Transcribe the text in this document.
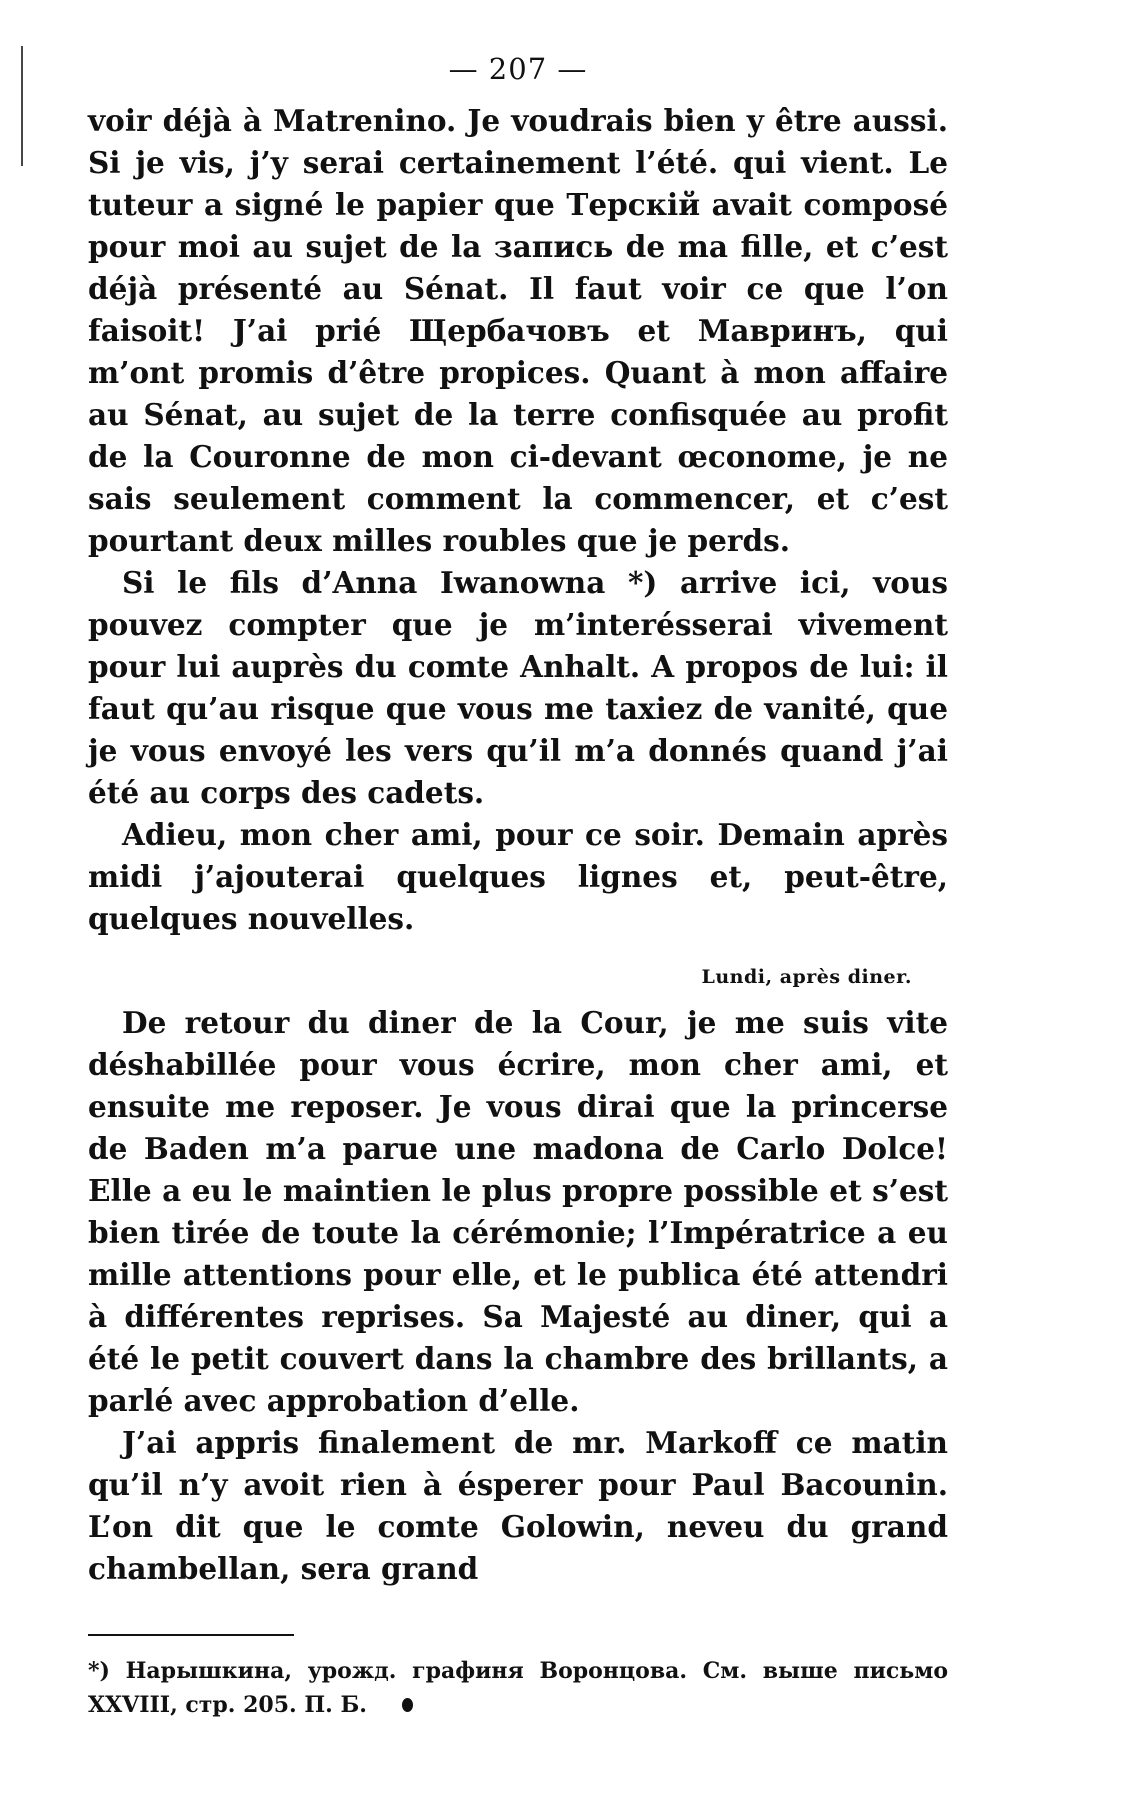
— 207 —

voir déjà à Matrenino. Je voudrais bien y être aussi. Si je vis, j’y serai certainement l’été. qui vient. Le tuteur a signé le papier que Терскій avait composé pour moi au sujet de la запись de ma fille, et c’est déjà présenté au Sénat. Il faut voir ce que l’on faisoit! J’ai prié Щербачовъ et Мавринъ, qui m’ont promis d’être propices. Quant à mon affaire au Sénat, au sujet de la terre confisquée au profit de la Couronne de mon ci-devant œconome, je ne sais seulement comment la commencer, et c’est pourtant deux milles roubles que je perds.

Si le fils d’Anna Iwanowna *) arrive ici, vous pouvez compter que je m’interésserai vivement pour lui auprès du comte Anhalt. A propos de lui: il faut qu’au risque que vous me taxiez de vanité, que je vous envoyé les vers qu’il m’a donnés quand j’ai été au corps des cadets.

Adieu, mon cher ami, pour ce soir. Demain après midi j’ajouterai quelques lignes et, peut-être, quelques nouvelles.

Lundi, après diner.

De retour du diner de la Cour, je me suis vite déshabillée pour vous écrire, mon cher ami, et ensuite me reposer. Je vous dirai que la princerse de Baden m’a parue une madona de Carlo Dolce! Elle a eu le maintien le plus propre possible et s’est bien tirée de toute la cérémonie; l’Impératrice a eu mille attentions pour elle, et le publica été attendri à différentes reprises. Sa Majesté au diner, qui a été le petit couvert dans la chambre des brillants, a parlé avec approbation d’elle.

J’ai appris finalement de mr. Markoff ce matin qu’il n’y avoit rien à ésperer pour Paul Bacounin. L’on dit que le comte Golowin, neveu du grand chambellan, sera grand

*) Нарышкина, урожд. графиня Воронцова. См. выше письмо XXVIII, стр. 205. П. Б.
